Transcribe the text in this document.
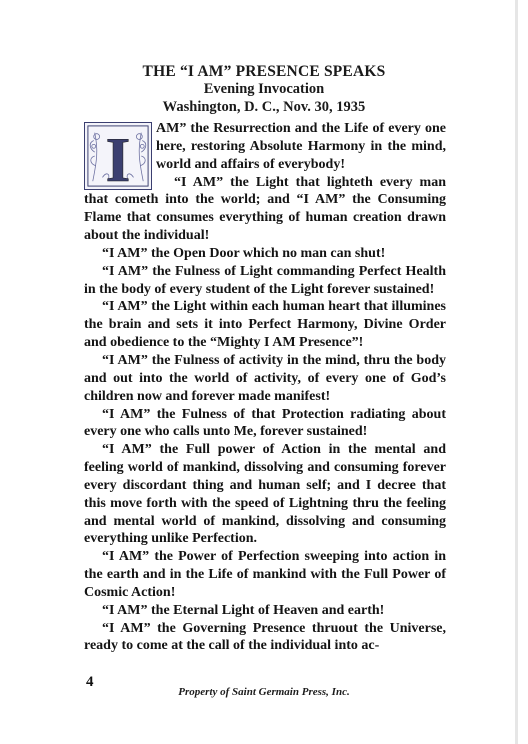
THE “I AM” PRESENCE SPEAKS
Evening Invocation
Washington, D. C., Nov. 30, 1935
I	AM” the Resurrection and the Life of every one here, restoring Absolute Harmony in the mind, world and affairs of everybody!

“I AM” the Light that lighteth every man that cometh into the world; and “I AM” the Consuming Flame that consumes everything of human creation drawn about the individual!

“I AM” the Open Door which no man can shut!

“I AM” the Fulness of Light commanding Perfect Health in the body of every student of the Light forever sustained!

“I AM” the Light within each human heart that illumines the brain and sets it into Perfect Harmony, Divine Order and obedience to the “Mighty I AM Presence”!

“I AM” the Fulness of activity in the mind, thru the body and out into the world of activity, of every one of God’s children now and forever made manifest!

“I AM” the Fulness of that Protection radiating about every one who calls unto Me, forever sustained!

“I AM” the Full power of Action in the mental and feeling world of mankind, dissolving and consuming forever every discordant thing and human self; and I decree that this move forth with the speed of Lightning thru the feeling and mental world of mankind, dissolving and consuming everything unlike Perfection.

“I AM” the Power of Perfection sweeping into action in the earth and in the Life of mankind with the Full Power of Cosmic Action!

“I AM” the Eternal Light of Heaven and earth!

“I AM” the Governing Presence thruout the Universe, ready to come at the call of the individual into ac-

4
Property of Saint Germain Press, Inc.
